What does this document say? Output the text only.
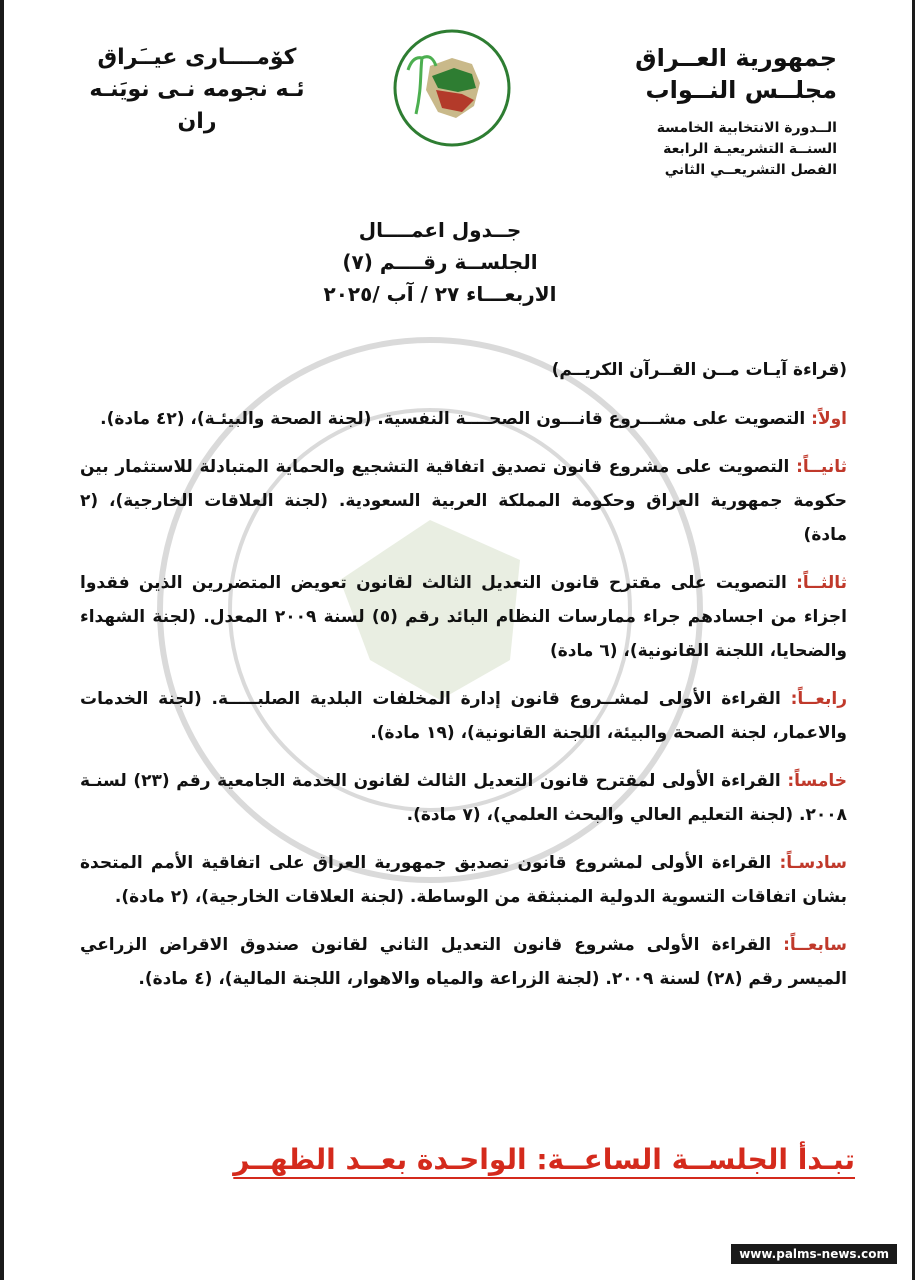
جمهورية العــراق
مجلــس النــواب
الــدورة الانتخابية الخامسة
السنــة التشريعيـة الرابعة
الفصل التشريعــي الثاني
كۆمــــارى عيــَراق
ئـه نجومه نـى نويَنـه ران
جــدول اعمــــال
الجلســة رقــــم (٧)
الاربعـــاء ٢٧ / آب /٢٠٢٥
(قراءة آيـات مــن القــرآن الكريــم)
اولاً: التصويت على مشـــروع قانـــون الصحــــة النفسية. (لجنة الصحة والبيئـة)، (٤٢ مادة).
ثانيــاً: التصويت على مشروع قانون تصديق اتفاقية التشجيع والحماية المتبادلة للاستثمار بين حكومة جمهورية العراق وحكومة المملكة العربية السعودية. (لجنة العلاقات الخارجية)، (٢ مادة)
ثالثــاً: التصويت على مقترح قانون التعديل الثالث لقانون تعويض المتضررين الذين فقدوا اجزاء من اجسادهم جراء ممارسات النظام البائد رقم (٥) لسنة ٢٠٠٩ المعدل. (لجنة الشهداء والضحايا، اللجنة القانونية)، (٦ مادة)
رابعــاً: القراءة الأولى لمشــروع قانون إدارة المخلفات البلدية الصلبـــــة. (لجنة الخدمات والاعمار، لجنة الصحة والبيئة، اللجنة القانونية)، (١٩ مادة).
خامساً: القراءة الأولى لمقترح قانون التعديل الثالث لقانون الخدمة الجامعية رقم (٢٣) لسنـة ٢٠٠٨. (لجنة التعليم العالي والبحث العلمي)، (٧ مادة).
سادسـاً: القراءة الأولى لمشروع قانون تصديق جمهورية العراق على اتفاقية الأمم المتحدة بشان اتفاقات التسوية الدولية المنبثقة من الوساطة. (لجنة العلاقات الخارجية)، (٢ مادة).
سابعــاً: القراءة الأولى مشروع قانون التعديل الثاني لقانون صندوق الاقراض الزراعي الميسر رقم (٢٨) لسنة ٢٠٠٩. (لجنة الزراعة والمياه والاهوار، اللجنة المالية)، (٤ مادة).
تبـدأ الجلســة الساعــة: الواحـدة بعــد الظهــر
www.palms-news.com
